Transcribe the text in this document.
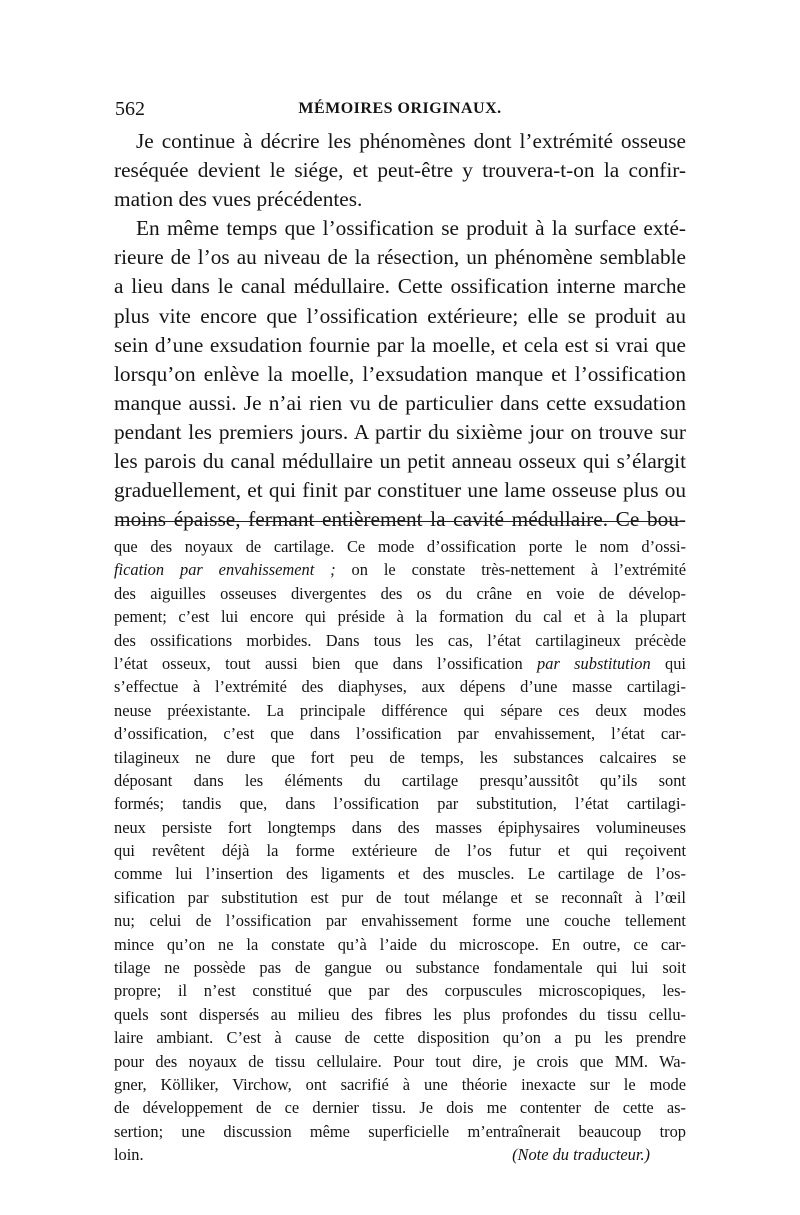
562	MÉMOIRES ORIGINAUX.
Je continue à décrire les phénomènes dont l’extrémité osseuse
reséquée devient le siége, et peut-être y trouvera-t-on la confir-
mation des vues précédentes.
En même temps que l’ossification se produit à la surface exté-
rieure de l’os au niveau de la résection, un phénomène semblable
a lieu dans le canal médullaire. Cette ossification interne marche
plus vite encore que l’ossification extérieure; elle se produit au
sein d’une exsudation fournie par la moelle, et cela est si vrai que
lorsqu’on enlève la moelle, l’exsudation manque et l’ossification
manque aussi. Je n’ai rien vu de particulier dans cette exsudation
pendant les premiers jours. A partir du sixième jour on trouve sur
les parois du canal médullaire un petit anneau osseux qui s’élargit
graduellement, et qui finit par constituer une lame osseuse plus ou
moins épaisse, fermant entièrement la cavité médullaire. Ce bou-
que des noyaux de cartilage. Ce mode d’ossification porte le nom d’ossi-
fication par envahissement ; on le constate très-nettement à l’extrémité
des aiguilles osseuses divergentes des os du crâne en voie de dévelop-
pement; c’est lui encore qui préside à la formation du cal et à la plupart
des ossifications morbides. Dans tous les cas, l’état cartilagineux précède
l’état osseux, tout aussi bien que dans l’ossification par substitution qui
s’effectue à l’extrémité des diaphyses, aux dépens d’une masse cartilagi-
neuse préexistante. La principale différence qui sépare ces deux modes
d’ossification, c’est que dans l’ossification par envahissement, l’état car-
tilagineux ne dure que fort peu de temps, les substances calcaires se
déposant dans les éléments du cartilage presqu’aussitôt qu’ils sont
formés; tandis que, dans l’ossification par substitution, l’état cartilagi-
neux persiste fort longtemps dans des masses épiphysaires volumineuses
qui revêtent déjà la forme extérieure de l’os futur et qui reçoivent
comme lui l’insertion des ligaments et des muscles. Le cartilage de l’os-
sification par substitution est pur de tout mélange et se reconnaît à l’œil
nu; celui de l’ossification par envahissement forme une couche tellement
mince qu’on ne la constate qu’à l’aide du microscope. En outre, ce car-
tilage ne possède pas de gangue ou substance fondamentale qui lui soit
propre; il n’est constitué que par des corpuscules microscopiques, les-
quels sont dispersés au milieu des fibres les plus profondes du tissu cellu-
laire ambiant. C’est à cause de cette disposition qu’on a pu les prendre
pour des noyaux de tissu cellulaire. Pour tout dire, je crois que MM. Wa-
gner, Kölliker, Virchow, ont sacrifié à une théorie inexacte sur le mode
de développement de ce dernier tissu. Je dois me contenter de cette as-
sertion; une discussion même superficielle m’entraînerait beaucoup trop
loin.	(Note du traducteur.)
